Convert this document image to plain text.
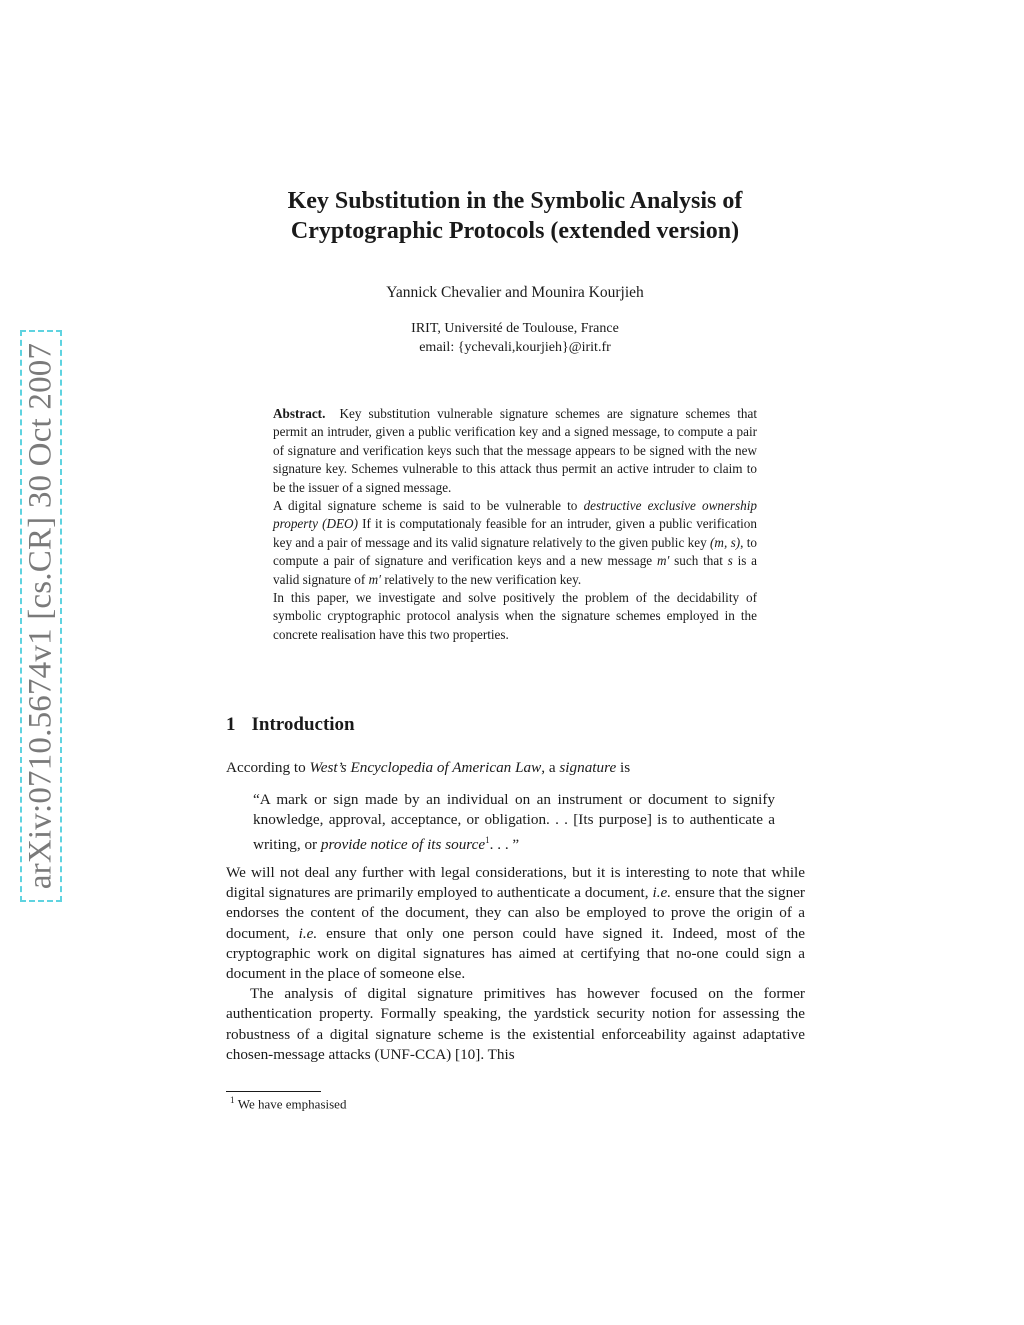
arXiv:0710.5674v1 [cs.CR] 30 Oct 2007
Key Substitution in the Symbolic Analysis of
Cryptographic Protocols (extended version)
Yannick Chevalier and Mounira Kourjieh
IRIT, Université de Toulouse, France
email: {ychevali,kourjieh}@irit.fr

Abstract. Key substitution vulnerable signature schemes are signature schemes that permit an intruder, given a public verification key and a signed message, to compute a pair of signature and verification keys such that the message appears to be signed with the new signature key. Schemes vulnerable to this attack thus permit an active intruder to claim to be the issuer of a signed message.

A digital signature scheme is said to be vulnerable to destructive exclusive ownership property (DEO) If it is computationaly feasible for an intruder, given a public verification key and a pair of message and its valid signature relatively to the given public key (m, s), to compute a pair of signature and verification keys and a new message m′ such that s is a valid signature of m′ relatively to the new verification key.

In this paper, we investigate and solve positively the problem of the decidability of symbolic cryptographic protocol analysis when the signature schemes employed in the concrete realisation have this two properties.

1 Introduction

According to West’s Encyclopedia of American Law, a signature is

“A mark or sign made by an individual on an instrument or document to signify knowledge, approval, acceptance, or obligation. . . [Its purpose] is to authenticate a writing, or provide notice of its source$^1$. . . ”

We will not deal any further with legal considerations, but it is interesting to note that while digital signatures are primarily employed to authenticate a document, i.e. ensure that the signer endorses the content of the document, they can also be employed to prove the origin of a document, i.e. ensure that only one person could have signed it. Indeed, most of the cryptographic work on digital signatures has aimed at certifying that no-one could sign a document in the place of someone else.

The analysis of digital signature primitives has however focused on the former authentication property. Formally speaking, the yardstick security notion for assessing the robustness of a digital signature scheme is the existential enforceability against adaptative chosen-message attacks (UNF-CCA) [10]. This

$^1$ We have emphasised
